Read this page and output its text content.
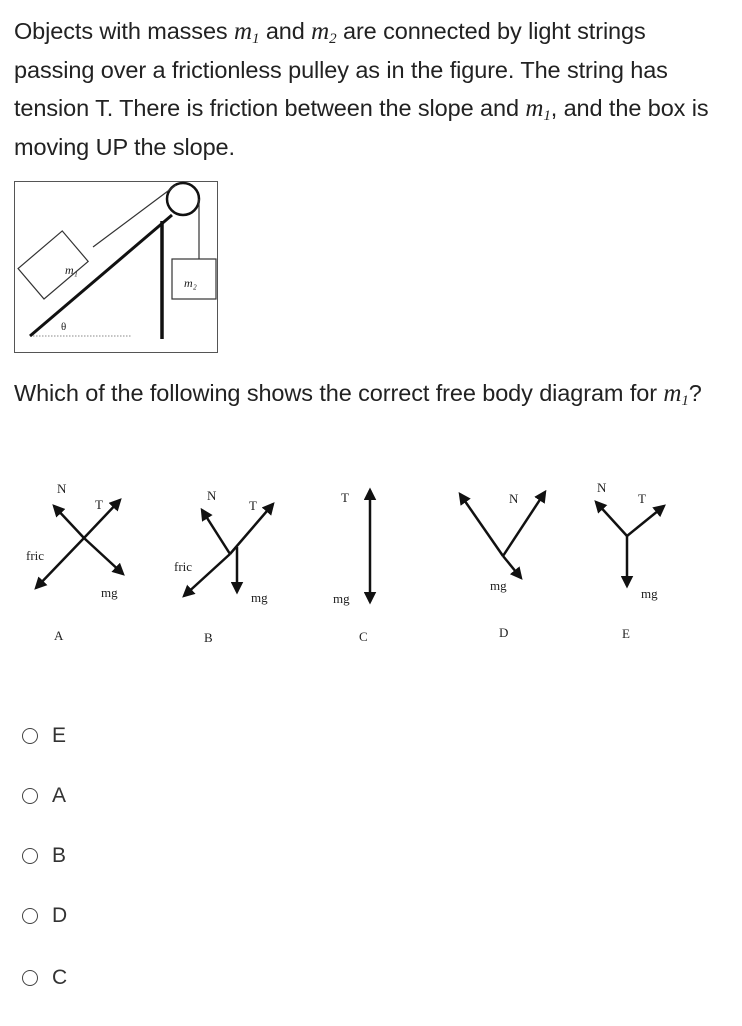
Objects with masses $m_1$ and $m_2$ are connected by light strings passing over a frictionless pulley as in the figure. The string has tension T. There is friction between the slope and $m_1$, and the box is moving UP the slope.
m₁
m₂
θ
Which of the following shows the correct free body diagram for $m_1$?
N
T
fric
mg
A
N
T
fric
mg
B
T
mg
C
N
mg
D
N
T
mg
E
E
A
B
D
C
